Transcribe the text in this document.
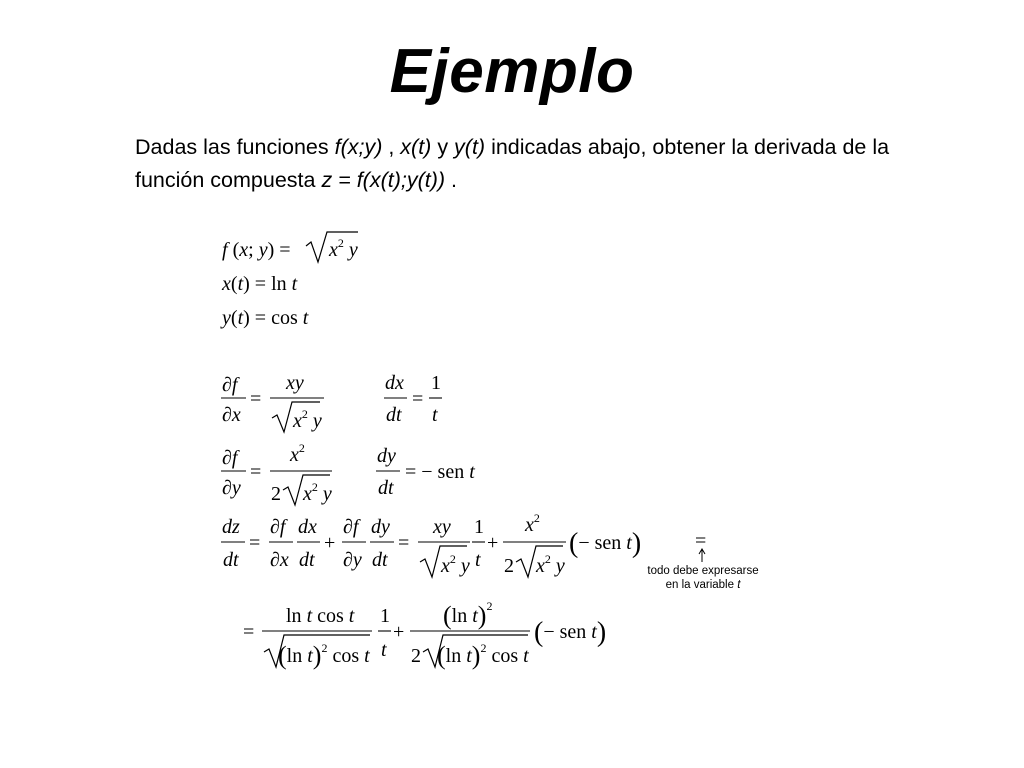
Ejemplo
Dadas las funciones f(x;y) , x(t) y y(t) indicadas abajo, obtener la derivada de la función compuesta z = f(x(t);y(t)) .
f (x; $y) = x^2$ y
x(t) = ln t
y(t) = cos t
∂f
∂x
=
xy
$x^2$ y
dx
dt
=
1
t
∂f
∂y
=
$x^2$
2 $x^2$ y
dy
dt
= − sen t
dz
dt
=
∂f
∂x
dx
dt
+
∂f
∂y
dy
dt
=
xy
$x^2$ y
1
t
+
$x^2$
2 $x^2$ y
(− sen t)	=
todo debe expresarse
en la variable t
=
ln t cos t
(ln t)$^2$ cos t
1
t
+
(ln t)$^2$
2 (ln t)$^2$ cos t
(− sen t)
